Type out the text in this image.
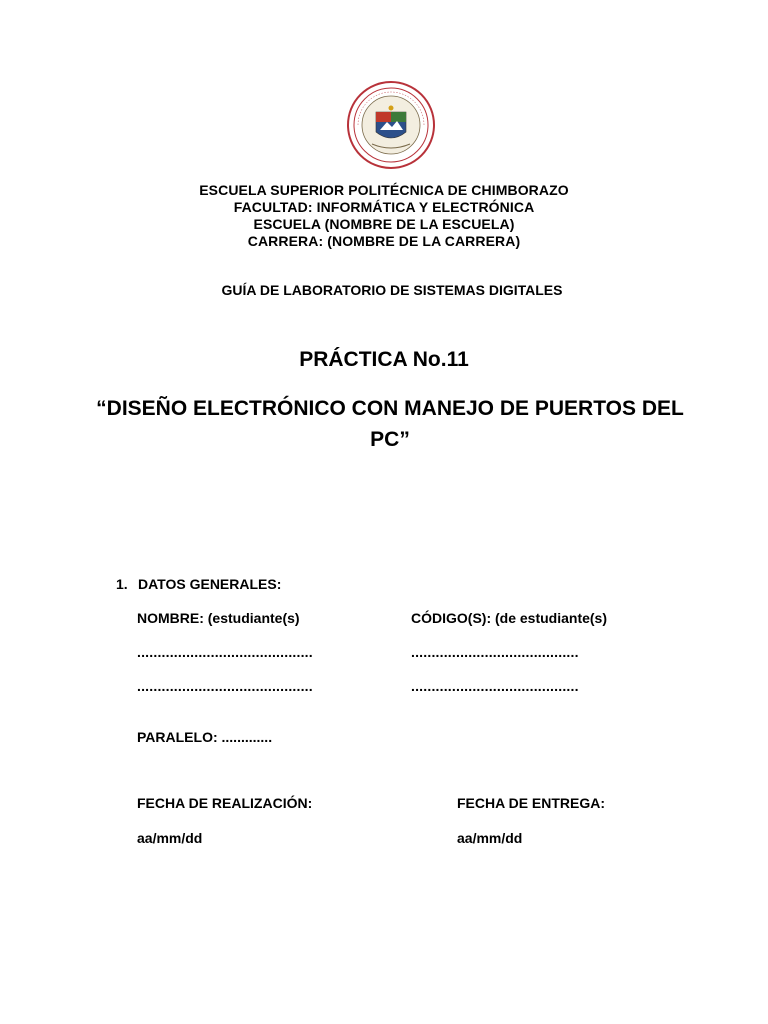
ESCUELA SUPERIOR POLITÉCNICA DE CHIMBORAZO
FACULTAD: INFORMÁTICA Y ELECTRÓNICA
ESCUELA (NOMBRE DE LA ESCUELA)
CARRERA: (NOMBRE DE LA CARRERA)
GUÍA DE LABORATORIO DE SISTEMAS DIGITALES
PRÁCTICA No.11
“DISEÑO ELECTRÓNICO CON MANEJO DE PUERTOS DEL PC”
1. DATOS GENERALES:
NOMBRE: (estudiante(s)	CÓDIGO(S): (de estudiante(s)
...........................................	.........................................
...........................................	.........................................
PARALELO: .............
FECHA DE REALIZACIÓN:	FECHA DE ENTREGA:
aa/mm/dd	aa/mm/dd
